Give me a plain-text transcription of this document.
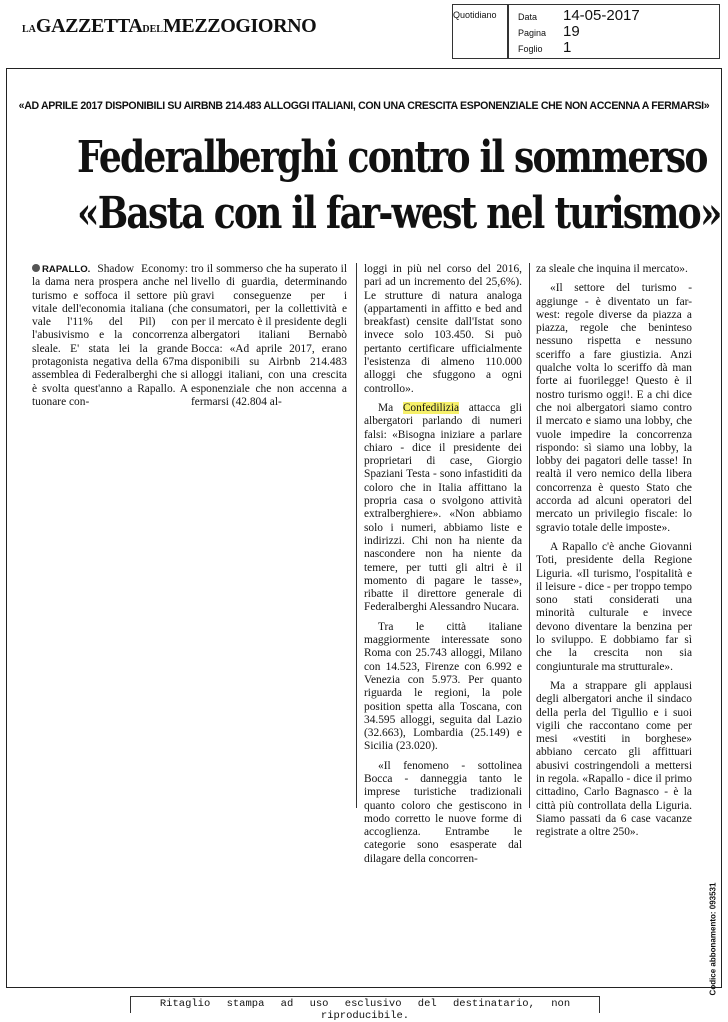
LAGAZZETTADELMEZZOGIORNO	Quotidiano Data 14-05-2017
Pagina 19
Foglio 1
«AD APRILE 2017 DISPONIBILI SU AIRBNB 214.483 ALLOGGI ITALIANI, CON UNA CRESCITA ESPONENZIALE CHE NON ACCENNA A FERMARSI»
Federalberghi contro il sommerso
«Basta con il far-west nel turismo»

RAPALLO. Shadow Economy: la dama nera prospera anche nel turismo e soffoca il settore più vitale dell'economia italiana (che vale l'11% del Pil) con l'abusivismo e la concorrenza sleale. E' stata lei la grande protagonista negativa della 67ma assemblea di Federalberghi che si è svolta quest'anno a Rapallo. A tuonare con-

tro il sommerso che ha superato il livello di guardia, determinando gravi conseguenze per i consumatori, per la collettività e per il mercato è il presidente degli albergatori italiani Bernabò Bocca: «Ad aprile 2017, erano disponibili su Airbnb 214.483 alloggi italiani, con una crescita esponenziale che non accenna a fermarsi (42.804 al-

loggi in più nel corso del 2016, pari ad un incremento del 25,6%). Le strutture di natura analoga (appartamenti in affitto e bed and breakfast) censite dall'Istat sono invece solo 103.450. Si può pertanto certificare ufficialmente l'esistenza di almeno 110.000 alloggi che sfuggono a ogni controllo».

Ma Confedilizia attacca gli albergatori parlando di numeri falsi: «Bisogna iniziare a parlare chiaro - dice il presidente dei proprietari di case, Giorgio Spaziani Testa - sono infastiditi da coloro che in Italia affittano la propria casa o svolgono attività extralberghiere». «Non abbiamo solo i numeri, abbiamo liste e indirizzi. Chi non ha niente da nascondere non ha niente da temere, per tutti gli altri è il momento di pagare le tasse», ribatte il direttore generale di Federalberghi Alessandro Nucara.

Tra le città italiane maggiormente interessate sono Roma con 25.743 alloggi, Milano con 14.523, Firenze con 6.992 e Venezia con 5.973. Per quanto riguarda le regioni, la pole position spetta alla Toscana, con 34.595 alloggi, seguita dal Lazio (32.663), Lombardia (25.149) e Sicilia (23.020).

«Il fenomeno - sottolinea Bocca - danneggia tanto le imprese turistiche tradizionali quanto coloro che gestiscono in modo corretto le nuove forme di accoglienza. Entrambe le categorie sono esasperate dal dilagare della concorren-

za sleale che inquina il mercato».

«Il settore del turismo - aggiunge - è diventato un far-west: regole diverse da piazza a piazza, regole che beninteso nessuno rispetta e nessuno sceriffo a fare giustizia. Anzi qualche volta lo sceriffo dà man forte ai fuorilegge! Questo è il nostro turismo oggi!. E a chi dice che noi albergatori siamo contro il mercato e siamo una lobby, che vuole impedire la concorrenza rispondo: sì siamo una lobby, la lobby dei pagatori delle tasse! In realtà il vero nemico della libera concorrenza è questo Stato che accorda ad alcuni operatori del mercato un privilegio fiscale: lo sgravio totale delle imposte».

A Rapallo c'è anche Giovanni Toti, presidente della Regione Liguria. «Il turismo, l'ospitalità e il leisure - dice - per troppo tempo sono stati considerati una minorità culturale e invece devono diventare la benzina per lo sviluppo. E dobbiamo far sì che la crescita non sia congiunturale ma strutturale».

Ma a strappare gli applausi degli albergatori anche il sindaco della perla del Tigullio e i suoi vigili che raccontano come per mesi «vestiti in borghese» abbiano cercato gli affittuari abusivi costringendoli a mettersi in regola. «Rapallo - dice il primo cittadino, Carlo Bagnasco - è la città più controllata della Liguria. Siamo passati da 6 case vacanze registrate a oltre 250».

Codice abbonamento: 093531
Ritaglio stampa ad uso esclusivo del destinatario, non riproducibile.
